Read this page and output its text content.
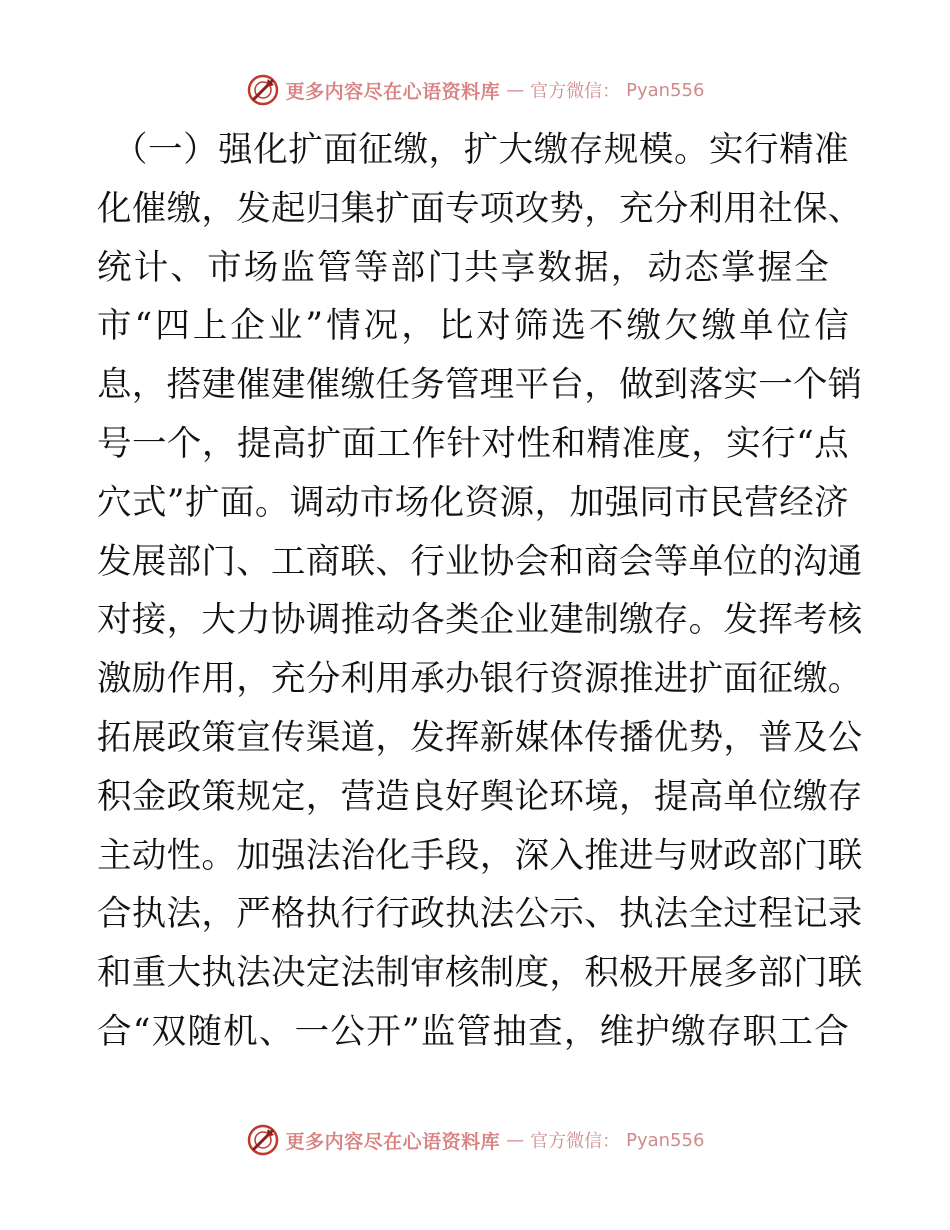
更多内容尽在心语资料库 — 官方微信： Pyan556
（一）强化扩面征缴，扩大缴存规模。实行精准
化催缴，发起归集扩面专项攻势，充分利用社保、
统计、市场监管等部门共享数据，动态掌握全
市“四上企业”情况，比对筛选不缴欠缴单位信
息，搭建催建催缴任务管理平台，做到落实一个销
号一个，提高扩面工作针对性和精准度，实行“点
穴式”扩面。调动市场化资源，加强同市民营经济
发展部门、工商联、行业协会和商会等单位的沟通
对接，大力协调推动各类企业建制缴存。发挥考核
激励作用，充分利用承办银行资源推进扩面征缴。
拓展政策宣传渠道，发挥新媒体传播优势，普及公
积金政策规定，营造良好舆论环境，提高单位缴存
主动性。加强法治化手段，深入推进与财政部门联
合执法，严格执行行政执法公示、执法全过程记录
和重大执法决定法制审核制度，积极开展多部门联
合“双随机、一公开”监管抽查，维护缴存职工合
更多内容尽在心语资料库 — 官方微信： Pyan556
